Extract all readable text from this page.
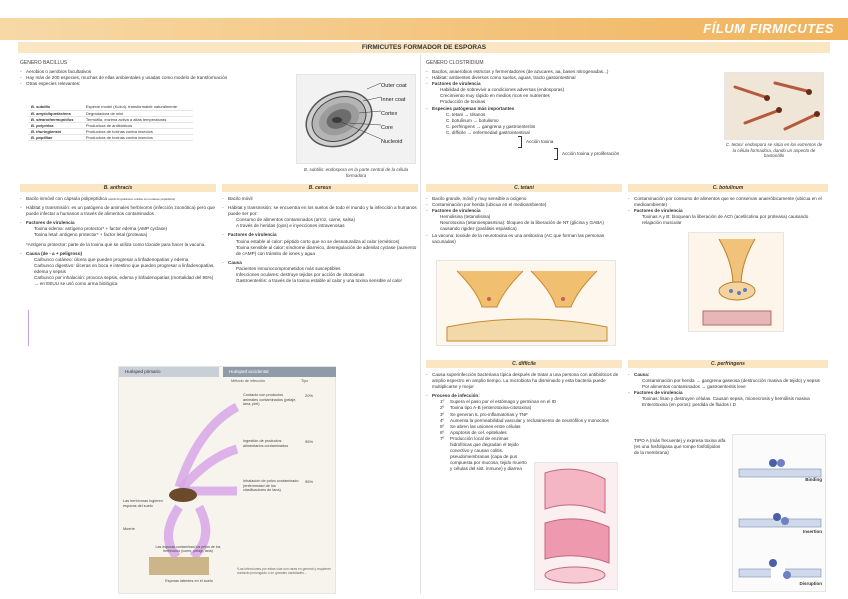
FÍLUM FIRMICUTES
FIRMICUTES FORMADOR DE ESPORAS
GENERO BACILLUS
- Aerobios o aerobios facultativos
- Hay más de 200 especies, muchas de ellas ambientales y usadas como modelo de transformación
- Otras especies relevantes:
B. subtilis	Especie model (Kozul), transformable naturalmente
B. amyloliquefaciens	Degradadora de miel
B. stearothermophilus	Termófila, enzima activa a altas temperaturas
B. polymixa	Productora de antibióticos
B. thuringiensis	Productora de toxinas contra insectos
B. popilliae	Productora de toxinas contra insectos
Outer coat
Inner coat
Cortex
Core
Nucleoid
B. subtilis: endospora en la parte central de la célula formadora
B. anthracis
- Bacilo inmóvil con cápsula polipeptídica (ácido D-glutámico unidos con enlaces peptídicos)
- Hábitat y transmisión: es un patógeno de animales herbívoros (infección zoonótica) pero que puede infectar a humanos a través de alimentos contaminados
- Factores de virulencia
Toxina edema: antígeno protector* + factor edema (AMP cyclase)
Toxina letal: antígeno protector* + factor letal (proteasa)
*Antígeno protector: parte de la toxina que se utiliza como tóxoide para hacer la vacuna.
- Causa (de - a + peligroso)
Carbunco cutáneo: úlcera que pueden progresar a linfadenopatías y edema
Carbunco digestivo: úlceras en boca e intestino que pueden progresar a linfadenopatías, edema y sepsis
Carbunco por inhalación: provoca sepsis, edema y linfadenopatías (mortalidad del 95%) → en EEUU se usó como arma biológica
B. cereus
- Bacilo móvil
- Hábitat y transmisión: se encuentra en los suelos de todo el mundo y la infección a humanos puede ser por:
Consumo de alimentos contaminados (arroz, carne, salsa)
A través de heridas (ojos) e inyecciones intravenosas
- Factores de virulencia
Toxina estable al calor: péptido corto que no se desnaturaliza al calor (eméticos)
Toxina sensible al calor: síndrome diarreico, desregulación de adenilat cyclase (aumento de cAMP) con tránsito de iones y agua
- Causa
Pacientes inmunocomprometidos más susceptibles
Infecciones oculares: destruye tejidos por acción de citotoxinas
Gastroenteritis: a través de la toxina estable al calor y una toxina sensible al calor
Huésped primario	Huésped accidental
Método de infección	Tipo
Contacto con productos animales contaminados (pelaje, lana, piel)
20%
Ingestión de productos alimentarios contaminados
95%
Inhalación de polvo contaminado (enfermedad de los clasificadores de lana)
95%
Las herbívoras ingieren esporas del suelo
Muerte
Las esporas contaminan los pelos de los herbívoros (cuero, pelaje, lana)
Esporas latentes en el suelo
*Las infecciones por estas vías son raras en general y requieren contacto prolongado o en grandes cantidades...
GENERO CLOSTRIDIUM
- Bacilos, anaerobios estrictos y fermentadores (de azucares, aa, bases nitrogenadas...)
- Hábitat: ambientes diversos como suelos, aguas, tracto gastointestinal
- Factores de virulencia
Habilidad de sobrevivir a condiciones adversas (endosporas)
Crecimiento muy rápido en medios ricos en nutrientes
Producción de toxinas
- Especies patógenas más importantes
C. tetani → tétanos
C. botulinum → botulismo
C. perfringens → gangrena y gastroenteritis
C. difficile → enfermedad gastrointestinal
Acción toxina
Acción toxina y proliferación
C. tetani: endospora se sitúa en los extremos de la célula formadora, dando un aspecto de baston/illo
C. tetani
- Bacilo grande, móvil y muy sensible a oxígeno
- Contaminación por herida (ubicua en el medioambiente)
- Factores de virulencia
Hemolisina (tetanolisina)
Neurotoxina (tetanoespasmina): bloqueo de la liberación de NT (glicina y GABA) causando rigidez (parálisis espástica)
- La vacuna: toxoide de la neurotoxina es una antitoxina (AC que forman las personas vacunadas)
C. botulinum
- Contaminación por consumo de alimentos que se conservan anaeróbicamente (ubicua en el medioambiente)
- Factores de virulencia
Toxinas A y B: bloquean la liberación de ACh (acetilcolina por proteasa) causando relajación muscular
C. difficile
- Causa superinfección bacteriana típica después de tratar a una persona con antibióticos de amplio espectro en amplio tiempo. La microbiota ha disminuido y esta bacteria puede multiplicarse y mejor
- Proceso de infección:
1º Supera el paso por el estómago y germinan en el ID
2º Toxina tipo A-B (enterotoxina-citotoxina)
3º Se generan IL pro-inflamatorias y TNF
4º	Aumenta la permeabilidad vascular y reclutamiento de neutrófilos y monocitos
5º Se abren las uniones entre células
6º Apoptosis de cel. epiteliales
7º	Producción local de enzimas hidrolíticas que degradan el tejido conectivo y causan colitis, pseudomembranas (capa de pus compuesta por mucosa, tejido muerto y células del sist. inmune) y diarrea
C. perfringens
- Causa:
Contaminación por herida → gangrena gaseosa (destrucción masiva de tejido) y sepsis
Por alimentos contaminados → gastroenteritis leve
- Factores de virulencia
Toxinas: lisan y destruyen células. Causan sepsis, mionecrosis y hemólisis masiva
Enterotoxina (en poros): perdida de fluidos I.D
TIPO A (más frecuente) y expresa toxina alfa (es una fosfolipasa que rompe fosfolípidos de la membrana)
Binding
Insertion
Disruption
